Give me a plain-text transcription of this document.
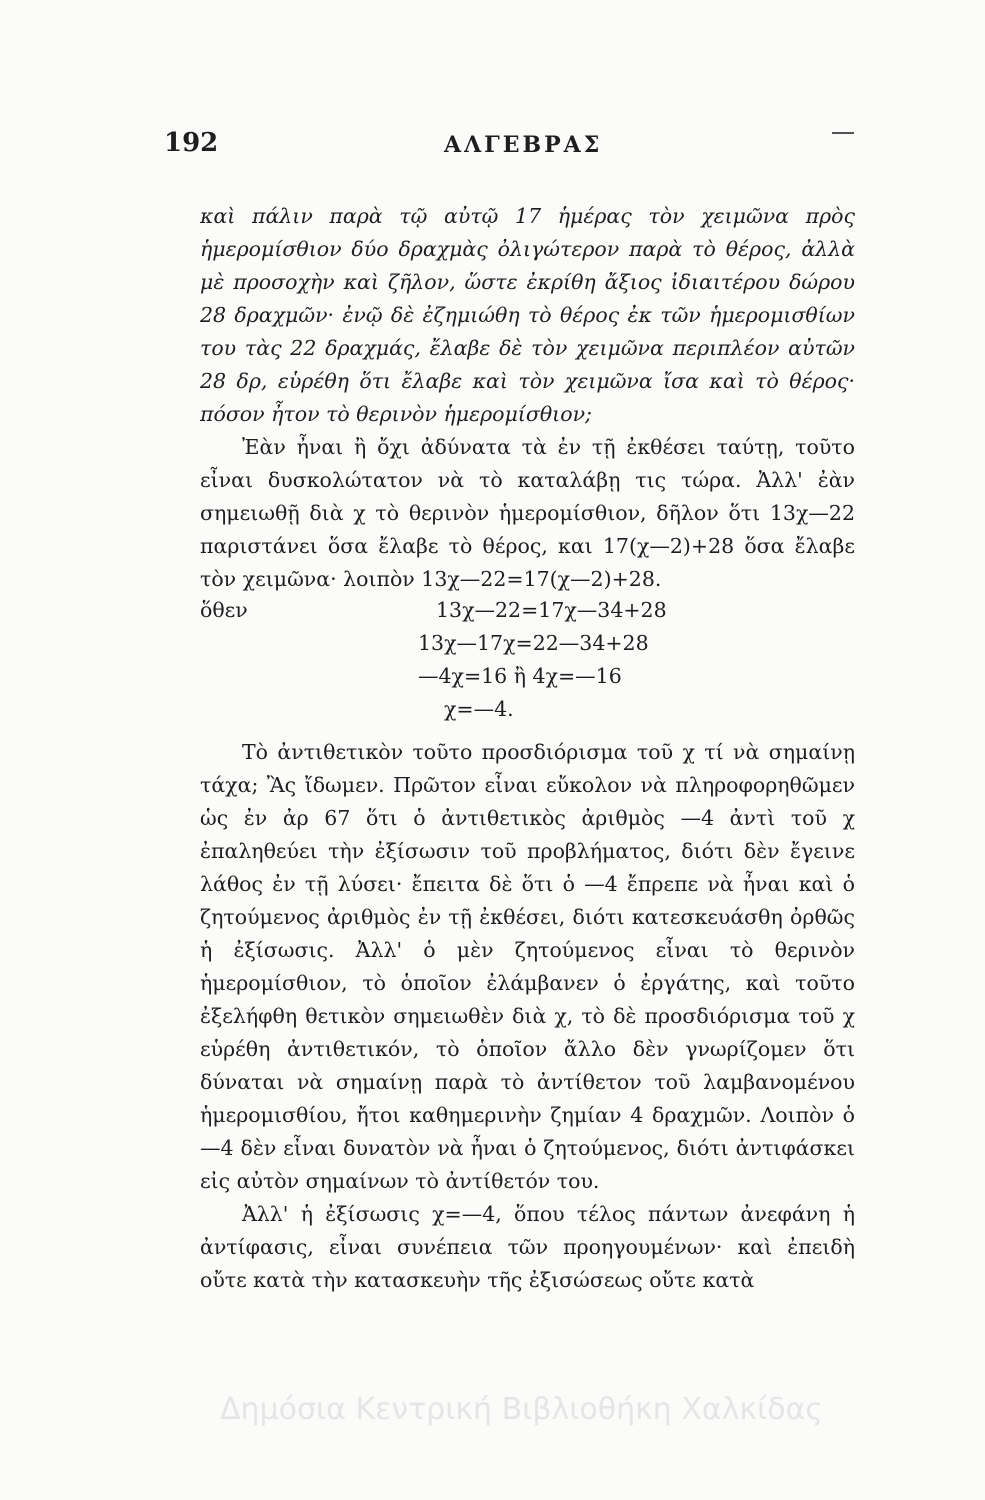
192	ΑΛΓΕΒΡΑΣ

καὶ πάλιν παρὰ τῷ αὐτῷ 17 ἡμέρας τὸν χειμῶνα πρὸς ἡμερομίσθιον δύο δραχμὰς ὀλιγώτερον παρὰ τὸ θέρος, ἀλλὰ μὲ προσοχὴν καὶ ζῆλον, ὥστε ἐκρίθη ἄξιος ἰδιαιτέρου δώρου 28 δραχμῶν· ἐνῷ δὲ ἐζημιώθη τὸ θέρος ἐκ τῶν ἡμερομισθίων του τὰς 22 δραχμάς, ἔλαβε δὲ τὸν χειμῶνα περιπλέον αὐτῶν 28 δρ, εὑρέθη ὅτι ἔλαβε καὶ τὸν χειμῶνα ἴσα καὶ τὸ θέρος· πόσον ἦτον τὸ θερινὸν ἡμερομίσθιον;

Ἐὰν ἦναι ἢ ὄχι ἀδύνατα τὰ ἐν τῇ ἐκθέσει ταύτῃ, τοῦτο εἶναι δυσκολώτατον νὰ τὸ καταλάβῃ τις τώρα. Ἀλλ' ἐὰν σημειωθῇ διὰ χ τὸ θερινὸν ἡμερομίσθιον, δῆλον ὅτι 13χ—22 παριστάνει ὅσα ἔλαβε τὸ θέρος, και 17(χ—2)+28 ὅσα ἔλαβε τὸν χειμῶνα· λοιπὸν 13χ—22=17(χ—2)+28.

ὅθεν	13χ—22=17χ—34+28
13χ—17χ=22—34+28
—4χ=16 ἢ 4χ=—16
χ=—4.

Τὸ ἀντιθετικὸν τοῦτο προσδιόρισμα τοῦ χ τί νὰ σημαίνῃ τάχα; Ἂς ἴδωμεν. Πρῶτον εἶναι εὔκολον νὰ πληροφορηθῶμεν ὡς ἐν ἀρ 67 ὅτι ὁ ἀντιθετικὸς ἀριθμὸς —4 ἀντὶ τοῦ χ ἐπαληθεύει τὴν ἐξίσωσιν τοῦ προβλήματος, διότι δὲν ἔγεινε λάθος ἐν τῇ λύσει· ἔπειτα δὲ ὅτι ὁ —4 ἔπρεπε νὰ ἦναι καὶ ὁ ζητούμενος ἀριθμὸς ἐν τῇ ἐκθέσει, διότι κατεσκευάσθη ὀρθῶς ἡ ἐξίσωσις. Ἀλλ' ὁ μὲν ζητούμενος εἶναι τὸ θερινὸν ἡμερομίσθιον, τὸ ὁποῖον ἐλάμβανεν ὁ ἐργάτης, καὶ τοῦτο ἐξελήφθη θετικὸν σημειωθὲν διὰ χ, τὸ δὲ προσδιόρισμα τοῦ χ εὑρέθη ἀντιθετικόν, τὸ ὁποῖον ἄλλο δὲν γνωρίζομεν ὅτι δύναται νὰ σημαίνῃ παρὰ τὸ ἀντίθετον τοῦ λαμβανομένου ἡμερομισθίου, ἤτοι καθημερινὴν ζημίαν 4 δραχμῶν. Λοιπὸν ὁ —4 δὲν εἶναι δυνατὸν νὰ ἦναι ὁ ζητούμενος, διότι ἀντιφάσκει εἰς αὐτὸν σημαίνων τὸ ἀντίθετόν του.

Ἀλλ' ἡ ἐξίσωσις χ=—4, ὅπου τέλος πάντων ἀνεφάνη ἡ ἀντίφασις, εἶναι συνέπεια τῶν προηγουμένων· καὶ ἐπειδὴ οὔτε κατὰ τὴν κατασκευὴν τῆς ἐξισώσεως οὔτε κατὰ

Δημόσια Κεντρική Βιβλιοθήκη Χαλκίδας
